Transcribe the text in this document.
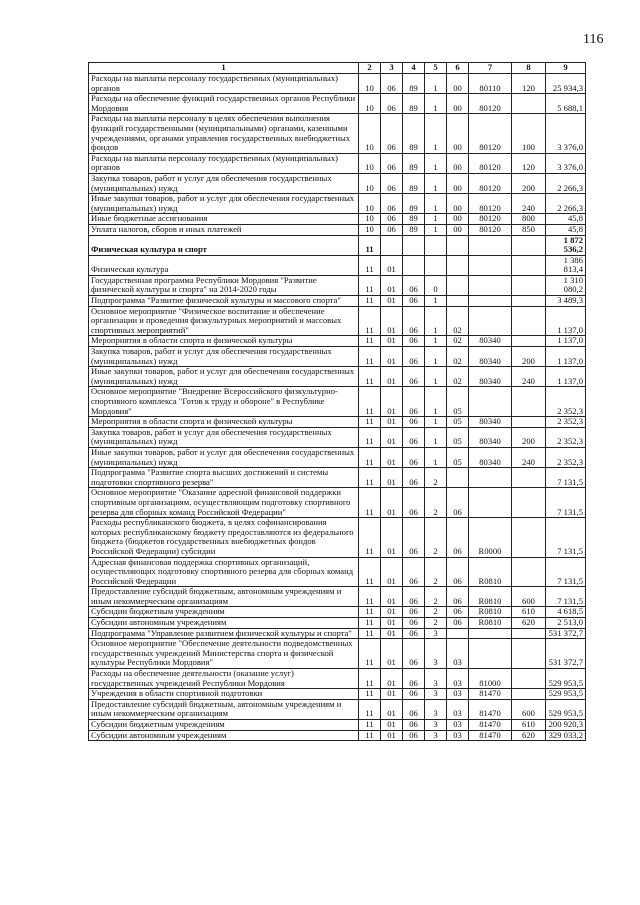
116
1	2	3	4	5	6	7	8	9
Расходы на выплаты персоналу государственных (муниципальных) органов	10	06	89	1	00	80110	120	25 934,3
Расходы на обеспечение функций государственных органов Республики Мордовия	10	06	89	1	00	80120		5 688,1
Расходы на выплаты персоналу в целях обеспечения выполнения функций государственными (муниципальными) органами, казенными учреждениями, органами управления государственных внебюджетных фондов	10	06	89	1	00	80120	100	3 376,0
Расходы на выплаты персоналу государственных (муниципальных) органов	10	06	89	1	00	80120	120	3 376,0
Закупка товаров, работ и услуг для обеспечения государственных (муниципальных) нужд	10	06	89	1	00	80120	200	2 266,3
Иные закупки товаров, работ и услуг для обеспечения государственных (муниципальных) нужд	10	06	89	1	00	80120	240	2 266,3
Иные бюджетные ассигнования	10	06	89	1	00	80120	800	45,8
Уплата налогов, сборов и иных платежей	10	06	89	1	00	80120	850	45,8
Физическая культура и спорт	11							1 872 536,2
Физическая культура	11	01						1 386 813,4
Государственная программа Республики Мордовия "Развитие физической культуры и спорта" на 2014-2020 годы	11	01	06	0				1 310 080,2
Подпрограмма "Развитие физической культуры и массового спорта"	11	01	06	1				3 489,3
Основное мероприятие "Физическое воспитание и обеспечение организации и проведения физкультурных мероприятий и массовых спортивных мероприятий"	11	01	06	1	02			1 137,0
Мероприятия в области спорта и физической культуры	11	01	06	1	02	80340		1 137,0
Закупка товаров, работ и услуг для обеспечения государственных (муниципальных) нужд	11	01	06	1	02	80340	200	1 137,0
Иные закупки товаров, работ и услуг для обеспечения государственных (муниципальных) нужд	11	01	06	1	02	80340	240	1 137,0
Основное мероприятие "Внедрение Всероссийского физкультурно-спортивного комплекса "Готов к труду и обороне" в Республике Мордовия"	11	01	06	1	05			2 352,3
Мероприятия в области спорта и физической культуры	11	01	06	1	05	80340		2 352,3
Закупка товаров, работ и услуг для обеспечения государственных (муниципальных) нужд	11	01	06	1	05	80340	200	2 352,3
Иные закупки товаров, работ и услуг для обеспечения государственных (муниципальных) нужд	11	01	06	1	05	80340	240	2 352,3
Подпрограмма "Развитие спорта высших достижений и системы подготовки спортивного резерва"	11	01	06	2				7 131,5
Основное мероприятие "Оказание адресной финансовой поддержки спортивным организациям, осуществляющим подготовку спортивного резерва для сборных команд Российской Федерации"	11	01	06	2	06			7 131,5
Расходы республиканского бюджета, в целях софинансирования которых республиканскому бюджету предоставляются из федерального бюджета (бюджетов государственных внебюджетных фондов Российской Федерации) субсидии	11	01	06	2	06	R0000		7 131,5
Адресная финансовая поддержка спортивных организаций, осуществляющих подготовку спортивного резерва для сборных команд Российской Федерации	11	01	06	2	06	R0810		7 131,5
Предоставление субсидий бюджетным, автономным учреждениям и иным некоммерческим организациям	11	01	06	2	06	R0810	600	7 131,5
Субсидии бюджетным учреждениям	11	01	06	2	06	R0810	610	4 618,5
Субсидии автономным учреждениям	11	01	06	2	06	R0810	620	2 513,0
Подпрограмма "Управление развитием физической культуры и спорта"	11	01	06	3				531 372,7
Основное мероприятие "Обеспечение деятельности подведомственных государственных учреждений Министерства спорта и физической культуры Республики Мордовия"	11	01	06	3	03			531 372,7
Расходы на обеспечение деятельности (оказание услуг) государственных учреждений Республики Мордовия	11	01	06	3	03	81000		529 953,5
Учреждения в области спортивной подготовки	11	01	06	3	03	81470		529 953,5
Предоставление субсидий бюджетным, автономным учреждениям и иным некоммерческим организациям	11	01	06	3	03	81470	600	529 953,5
Субсидии бюджетным учреждениям	11	01	06	3	03	81470	610	200 920,3
Субсидии автономным учреждениям	11	01	06	3	03	81470	620	329 033,2
